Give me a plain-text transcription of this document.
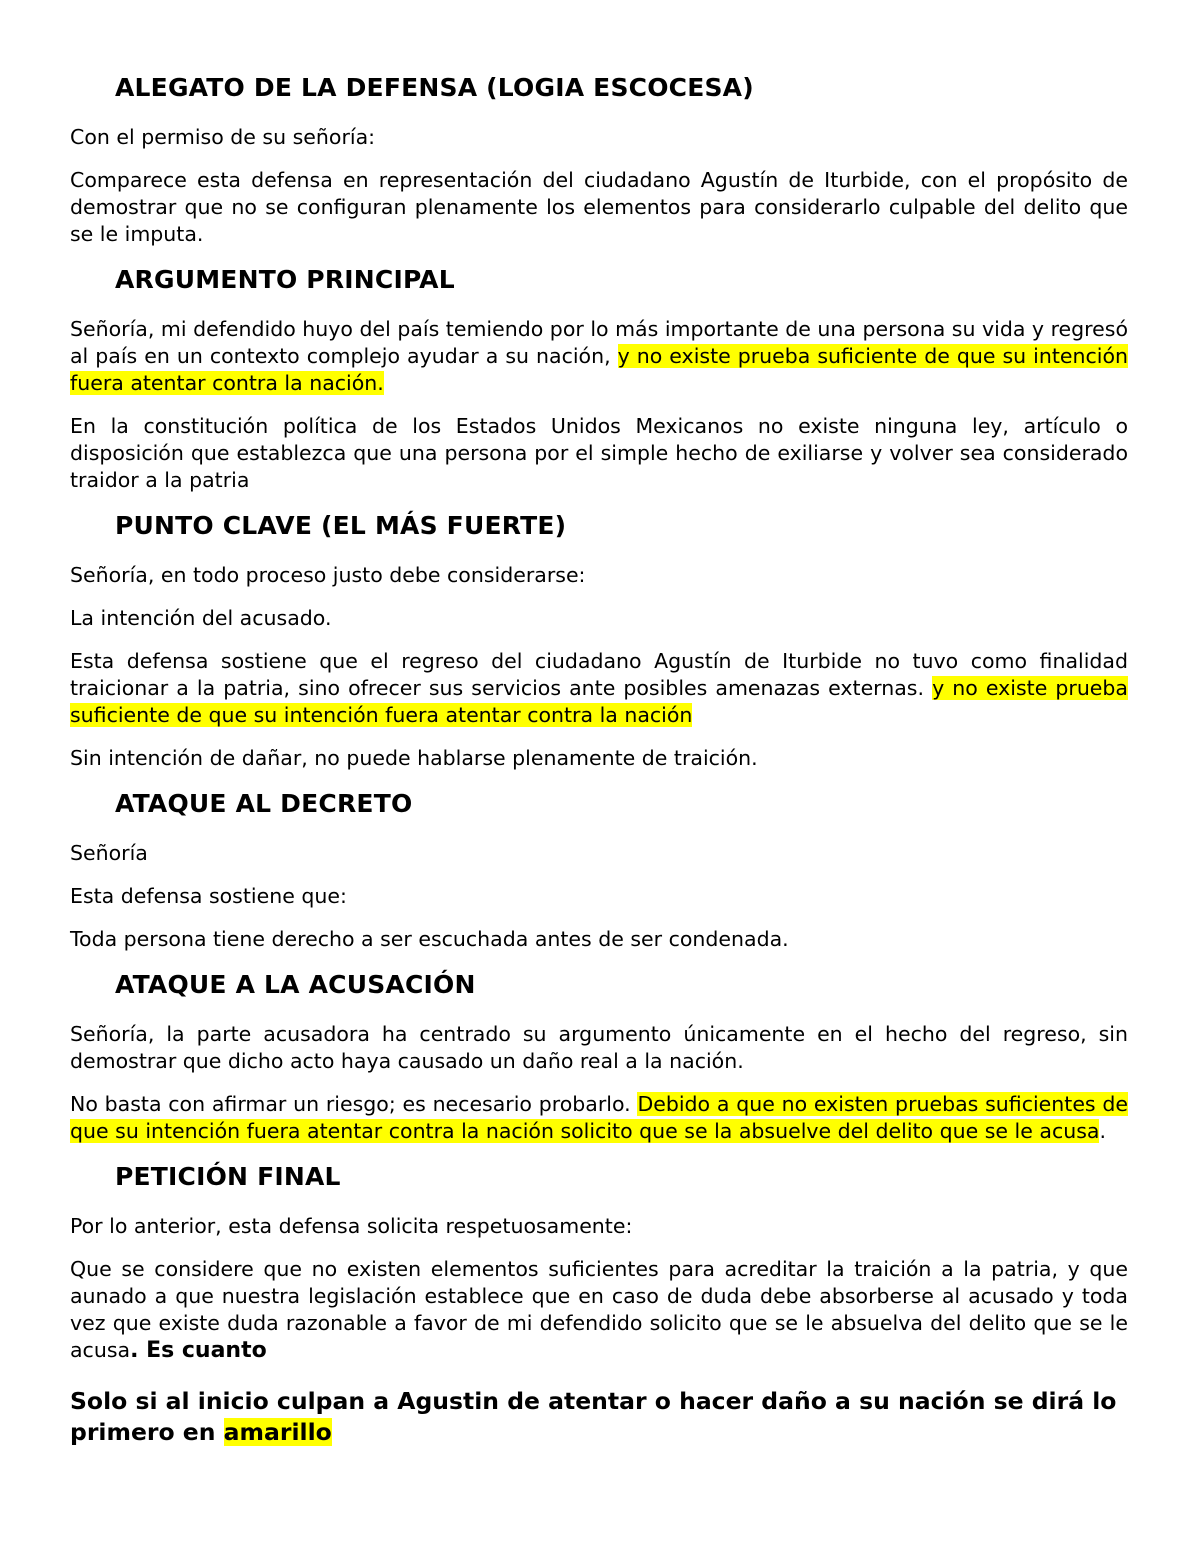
ALEGATO DE LA DEFENSA (LOGIA ESCOCESA)

Con el permiso de su señoría:

Comparece esta defensa en representación del ciudadano Agustín de Iturbide, con el propósito de demostrar que no se configuran plenamente los elementos para considerarlo culpable del delito que se le imputa.

ARGUMENTO PRINCIPAL

Señoría, mi defendido huyo del país temiendo por lo más importante de una persona su vida y regresó al país en un contexto complejo ayudar a su nación, y no existe prueba suficiente de que su intención fuera atentar contra la nación.

En la constitución política de los Estados Unidos Mexicanos no existe ninguna ley, artículo o disposición que establezca que una persona por el simple hecho de exiliarse y volver sea considerado traidor a la patria

PUNTO CLAVE (EL MÁS FUERTE)

Señoría, en todo proceso justo debe considerarse:

La intención del acusado.

Esta defensa sostiene que el regreso del ciudadano Agustín de Iturbide no tuvo como finalidad traicionar a la patria, sino ofrecer sus servicios ante posibles amenazas externas. y no existe prueba suficiente de que su intención fuera atentar contra la nación

Sin intención de dañar, no puede hablarse plenamente de traición.

ATAQUE AL DECRETO

Señoría

Esta defensa sostiene que:

Toda persona tiene derecho a ser escuchada antes de ser condenada.

ATAQUE A LA ACUSACIÓN

Señoría, la parte acusadora ha centrado su argumento únicamente en el hecho del regreso, sin demostrar que dicho acto haya causado un daño real a la nación.

No basta con afirmar un riesgo; es necesario probarlo. Debido a que no existen pruebas suficientes de que su intención fuera atentar contra la nación solicito que se la absuelve del delito que se le acusa.

PETICIÓN FINAL

Por lo anterior, esta defensa solicita respetuosamente:

Que se considere que no existen elementos suficientes para acreditar la traición a la patria, y que aunado a que nuestra legislación establece que en caso de duda debe absorberse al acusado y toda vez que existe duda razonable a favor de mi defendido solicito que se le absuelva del delito que se le acusa. Es cuanto

Solo si al inicio culpan a Agustin de atentar o hacer daño a su nación se dirá lo primero en amarillo
